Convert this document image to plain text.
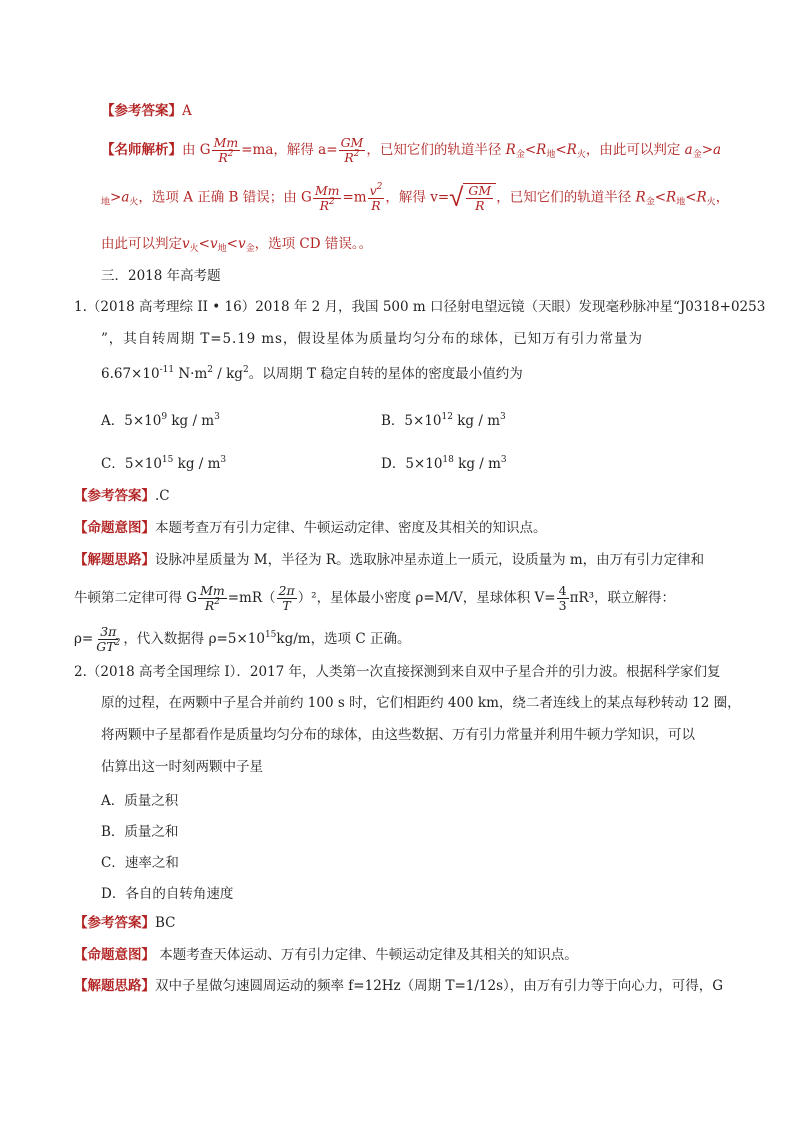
【参考答案】A
【名师解析】由 G $\frac{Mm}{R^2} =ma$，解得 $a= \frac{GM}{R^2}$ ，已知它们的轨道半径 $R_金<R_地<R_火$，由此可以判定 $a_金>a$
$_地>a_火$，选项 A 正确 B 错误；由 G $\frac{Mm}{R^2} =m \frac{v^2}{R}$ ，解得 v= √ $\frac{GM}{R}$ ，已知它们的轨道半径 $R_金<R_地<R_火$，
由此可以判定$v_火<v_地<v_金$，选项 CD 错误。。
三．2018 年高考题
1.（2018 高考理综 II • 16）2018 年 2 月，我国 500 m 口径射电望远镜（天眼）发现毫秒脉冲星“J0318+0253
”，其自转周期 T=5.19 ms，假设星体为质量均匀分布的球体，已知万有引力常量为
$6.67\times 10^{-11}$ $N\cdot m^2 / kg^2$。以周期 T 稳定自转的星体的密度最小值约为
A．$5\times 10^9$ kg / $m^3$	B．$5\times 10^{12}$ kg / $m^3$
C．$5\times 10^{15}$ kg / $m^3$	D．$5\times 10^{18}$ kg / $m^3$
【参考答案】.C
【命题意图】本题考查万有引力定律、牛顿运动定律、密度及其相关的知识点。
【解题思路】设脉冲星质量为 M，半径为 R。选取脉冲星赤道上一质元，设质量为 m，由万有引力定律和
牛顿第二定律可得 G $\frac{Mm}{R^2} =mR( \frac{2\pi}{T} )^2$，星体最小密度 ρ=M/V，星球体积 $V= \frac{4}{3} \pi R^3$，联立解得：
$\rho= \frac{3\pi}{GT^2}$ ，代入数据得 $\rho=5\times 10^{15}kg/m$，选项 C 正确。
2.（2018 高考全国理综 I）．2017 年，人类第一次直接探测到来自双中子星合并的引力波。根据科学家们复
原的过程，在两颗中子星合并前约 100 s 时，它们相距约 400 km，绕二者连线上的某点每秒转动 12 圈，
将两颗中子星都看作是质量均匀分布的球体，由这些数据、万有引力常量并利用牛顿力学知识，可以
估算出这一时刻两颗中子星
A．质量之积
B．质量之和
C．速率之和
D．各自的自转角速度
【参考答案】BC
【命题意图】 本题考查天体运动、万有引力定律、牛顿运动定律及其相关的知识点。
【解题思路】双中子星做匀速圆周运动的频率 f=12Hz（周期 T=1/12s），由万有引力等于向心力，可得，G
